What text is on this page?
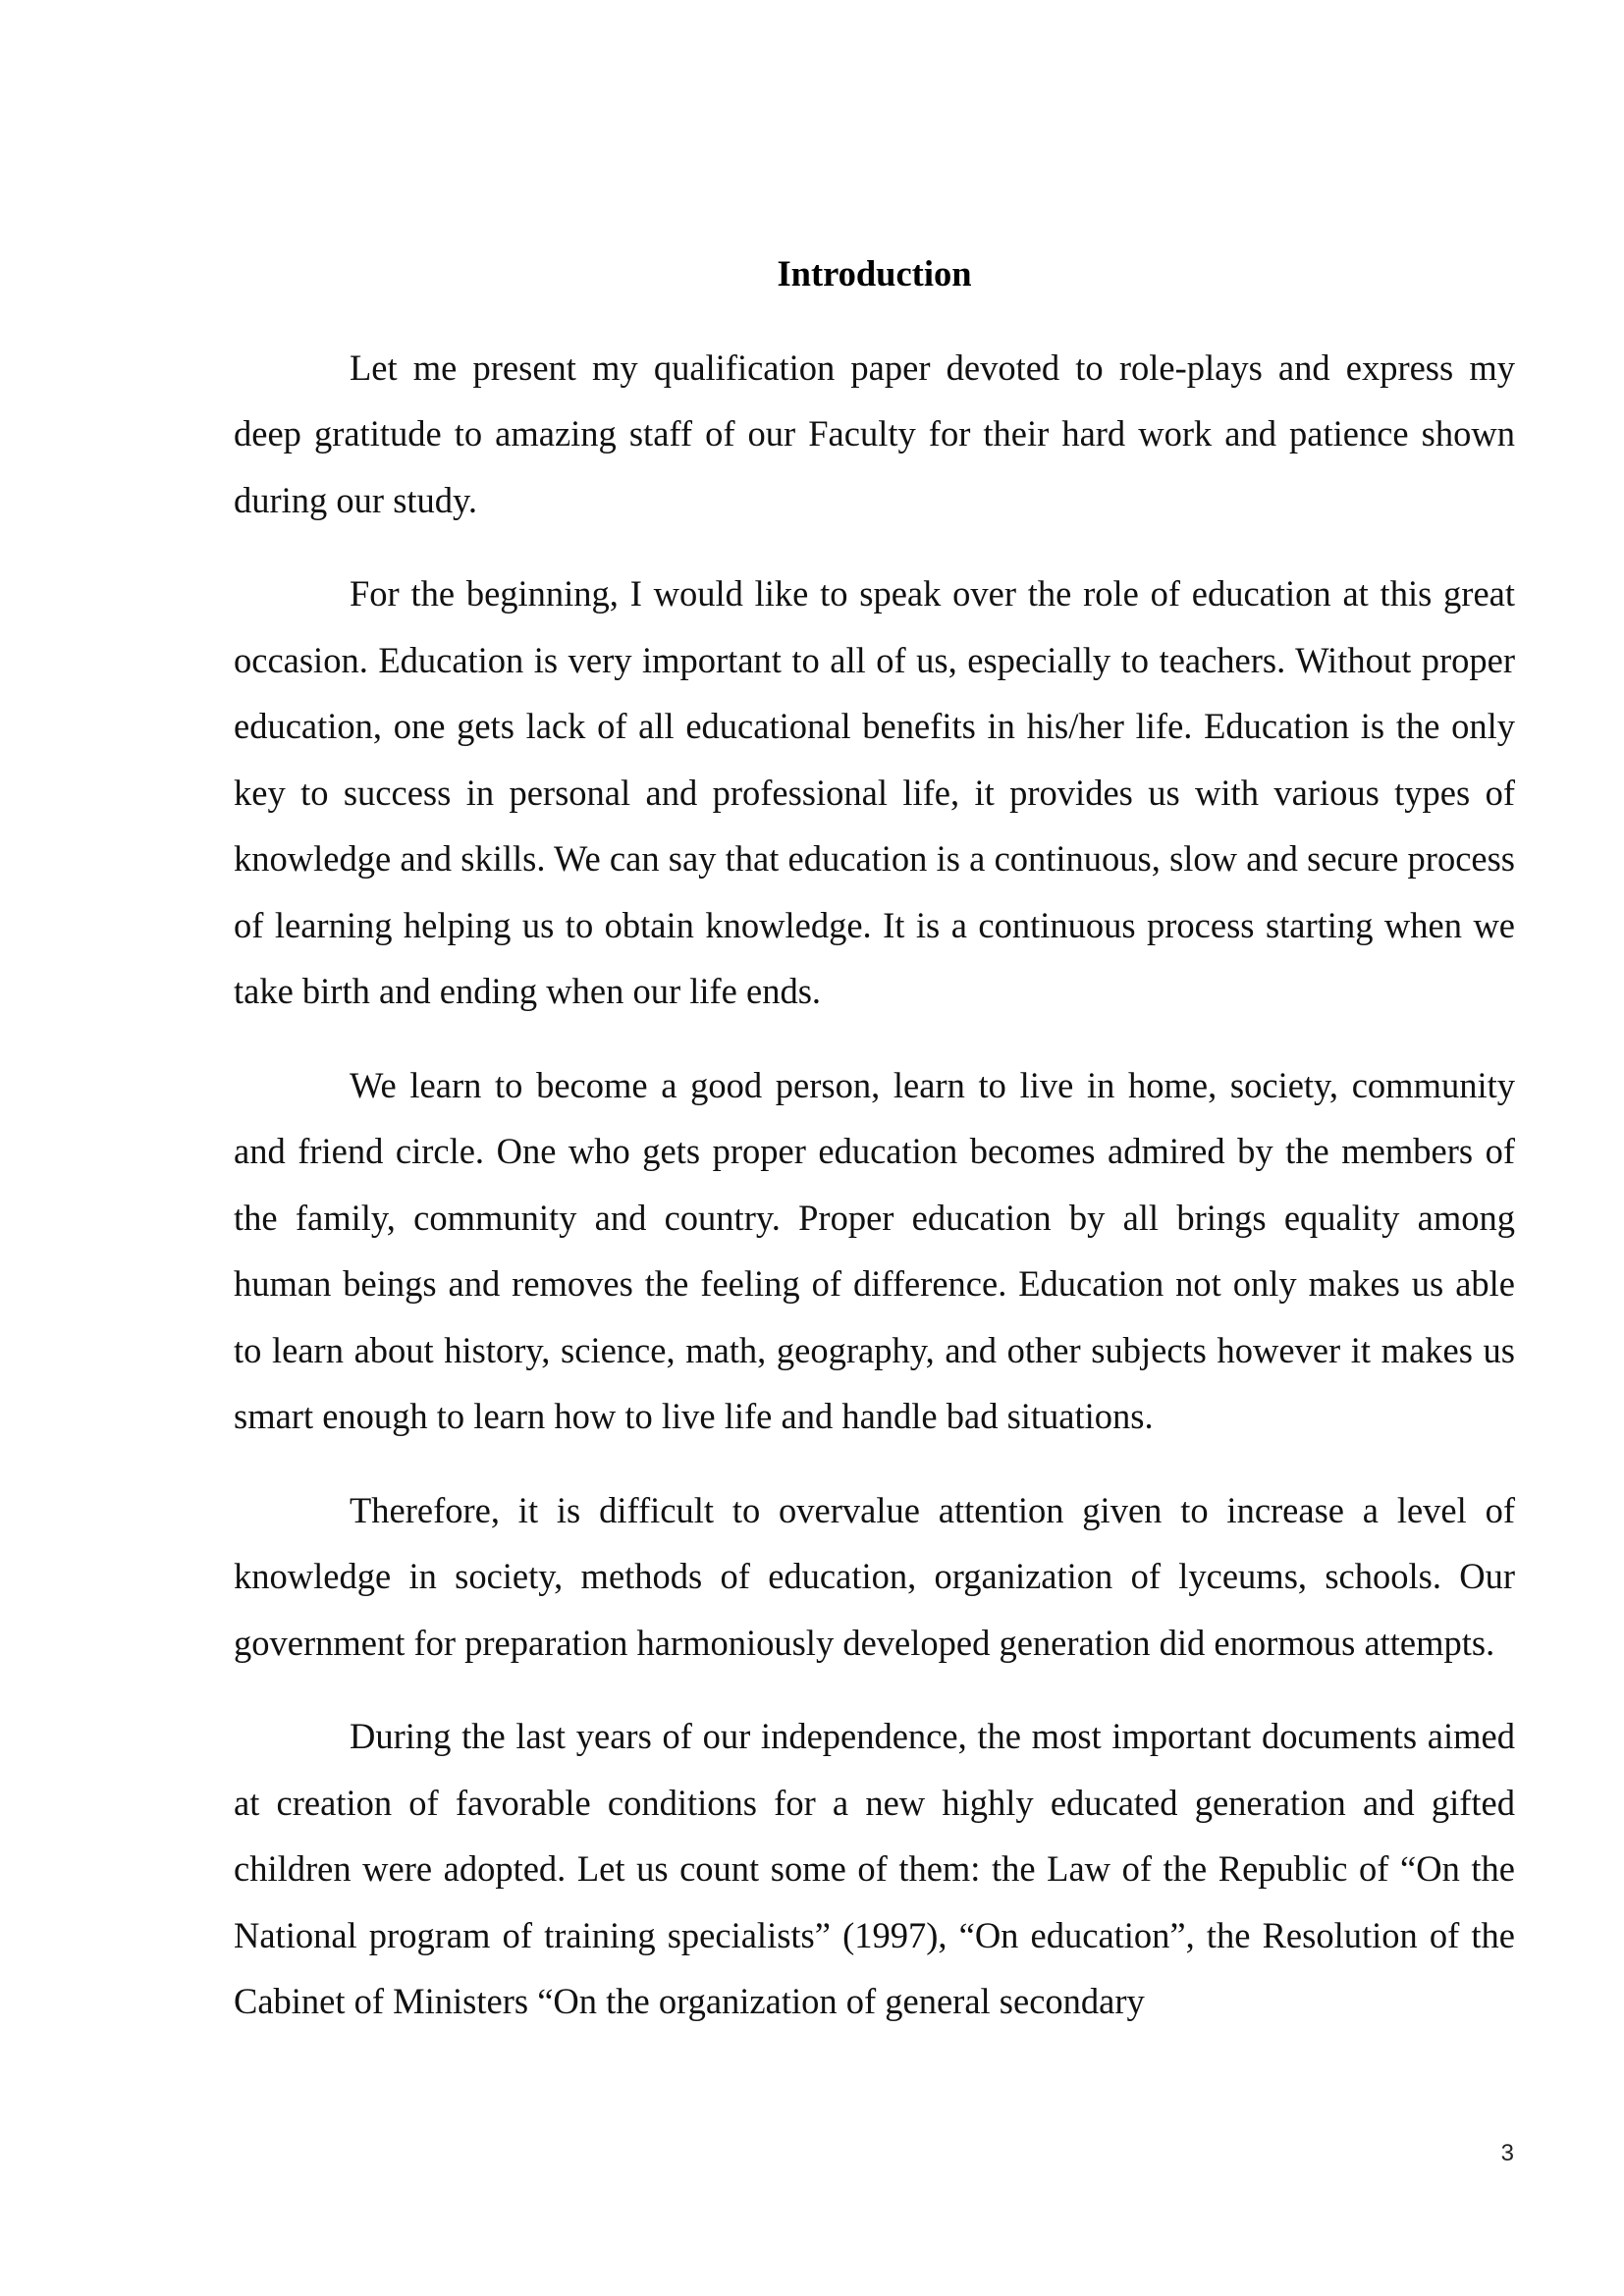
Introduction

Let me present my qualification paper devoted to role-plays and express my deep gratitude to amazing staff of our Faculty for their hard work and patience shown during our study.

For the beginning, I would like to speak over the role of education at this great occasion. Education is very important to all of us, especially to teachers. Without proper education, one gets lack of all educational benefits in his/her life. Education is the only key to success in personal and professional life, it provides us with various types of knowledge and skills. We can say that education is a continuous, slow and secure process of learning helping us to obtain knowledge. It is a continuous process starting when we take birth and ending when our life ends.

We learn to become a good person, learn to live in home, society, community and friend circle. One who gets proper education becomes admired by the members of the family, community and country. Proper education by all brings equality among human beings and removes the feeling of difference. Education not only makes us able to learn about history, science, math, geography, and other subjects however it makes us smart enough to learn how to live life and handle bad situations.

Therefore, it is difficult to overvalue attention given to increase a level of knowledge in society, methods of education, organization of lyceums, schools. Our government for preparation harmoniously developed generation did enormous attempts.

During the last years of our independence, the most important documents aimed at creation of favorable conditions for a new highly educated generation and gifted children were adopted. Let us count some of them: the Law of the Republic of “On the National program of training specialists” (1997), “On education”, the Resolution of the Cabinet of Ministers “On the organization of general secondary

3
